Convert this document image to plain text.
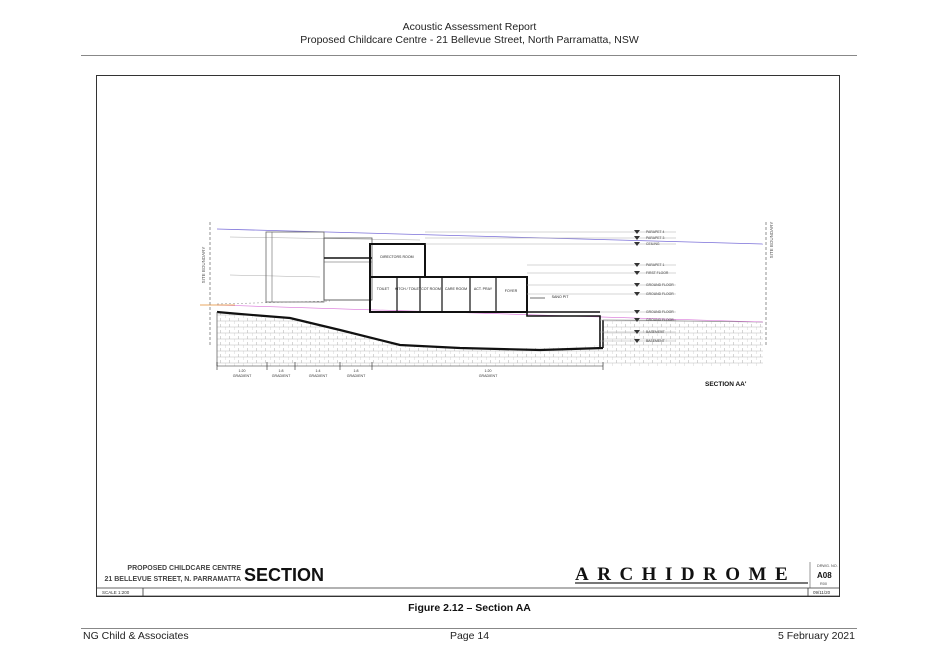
Acoustic Assessment Report
Proposed Childcare Centre - 21 Bellevue Street, North Parramatta, NSW
SITE BOUNDARY
SITE BOUNDARY
DIRECTORS ROOM
TOILET KITCH / TOILET COT ROOM CARE ROOM ACT. PRAY	FOYER
SANO PIT
PARAPET 4
PARAPET 3
CEILING
PARAPET 1
FIRST FLOOR
GROUND FLOOR
GROUND FLOOR
GROUND FLOOR
GROUND FLOOR
BASEMENT
BASEMENT
1:20
GRADIENT
1:8
GRADIENT
1:4
GRADIENT
1:8
GRADIENT
1:20
GRADIENT
SECTION AA'
PROPOSED CHILDCARE CENTRE
21 BELLEVUE STREET, N. PARRAMATTA SECTION	ARCHIDROME	DRWG. NO.
A08
R00
SCALE 1:200	09/11/20
Figure 2.12 – Section AA
NG Child & Associates	Page 14	5 February 2021
